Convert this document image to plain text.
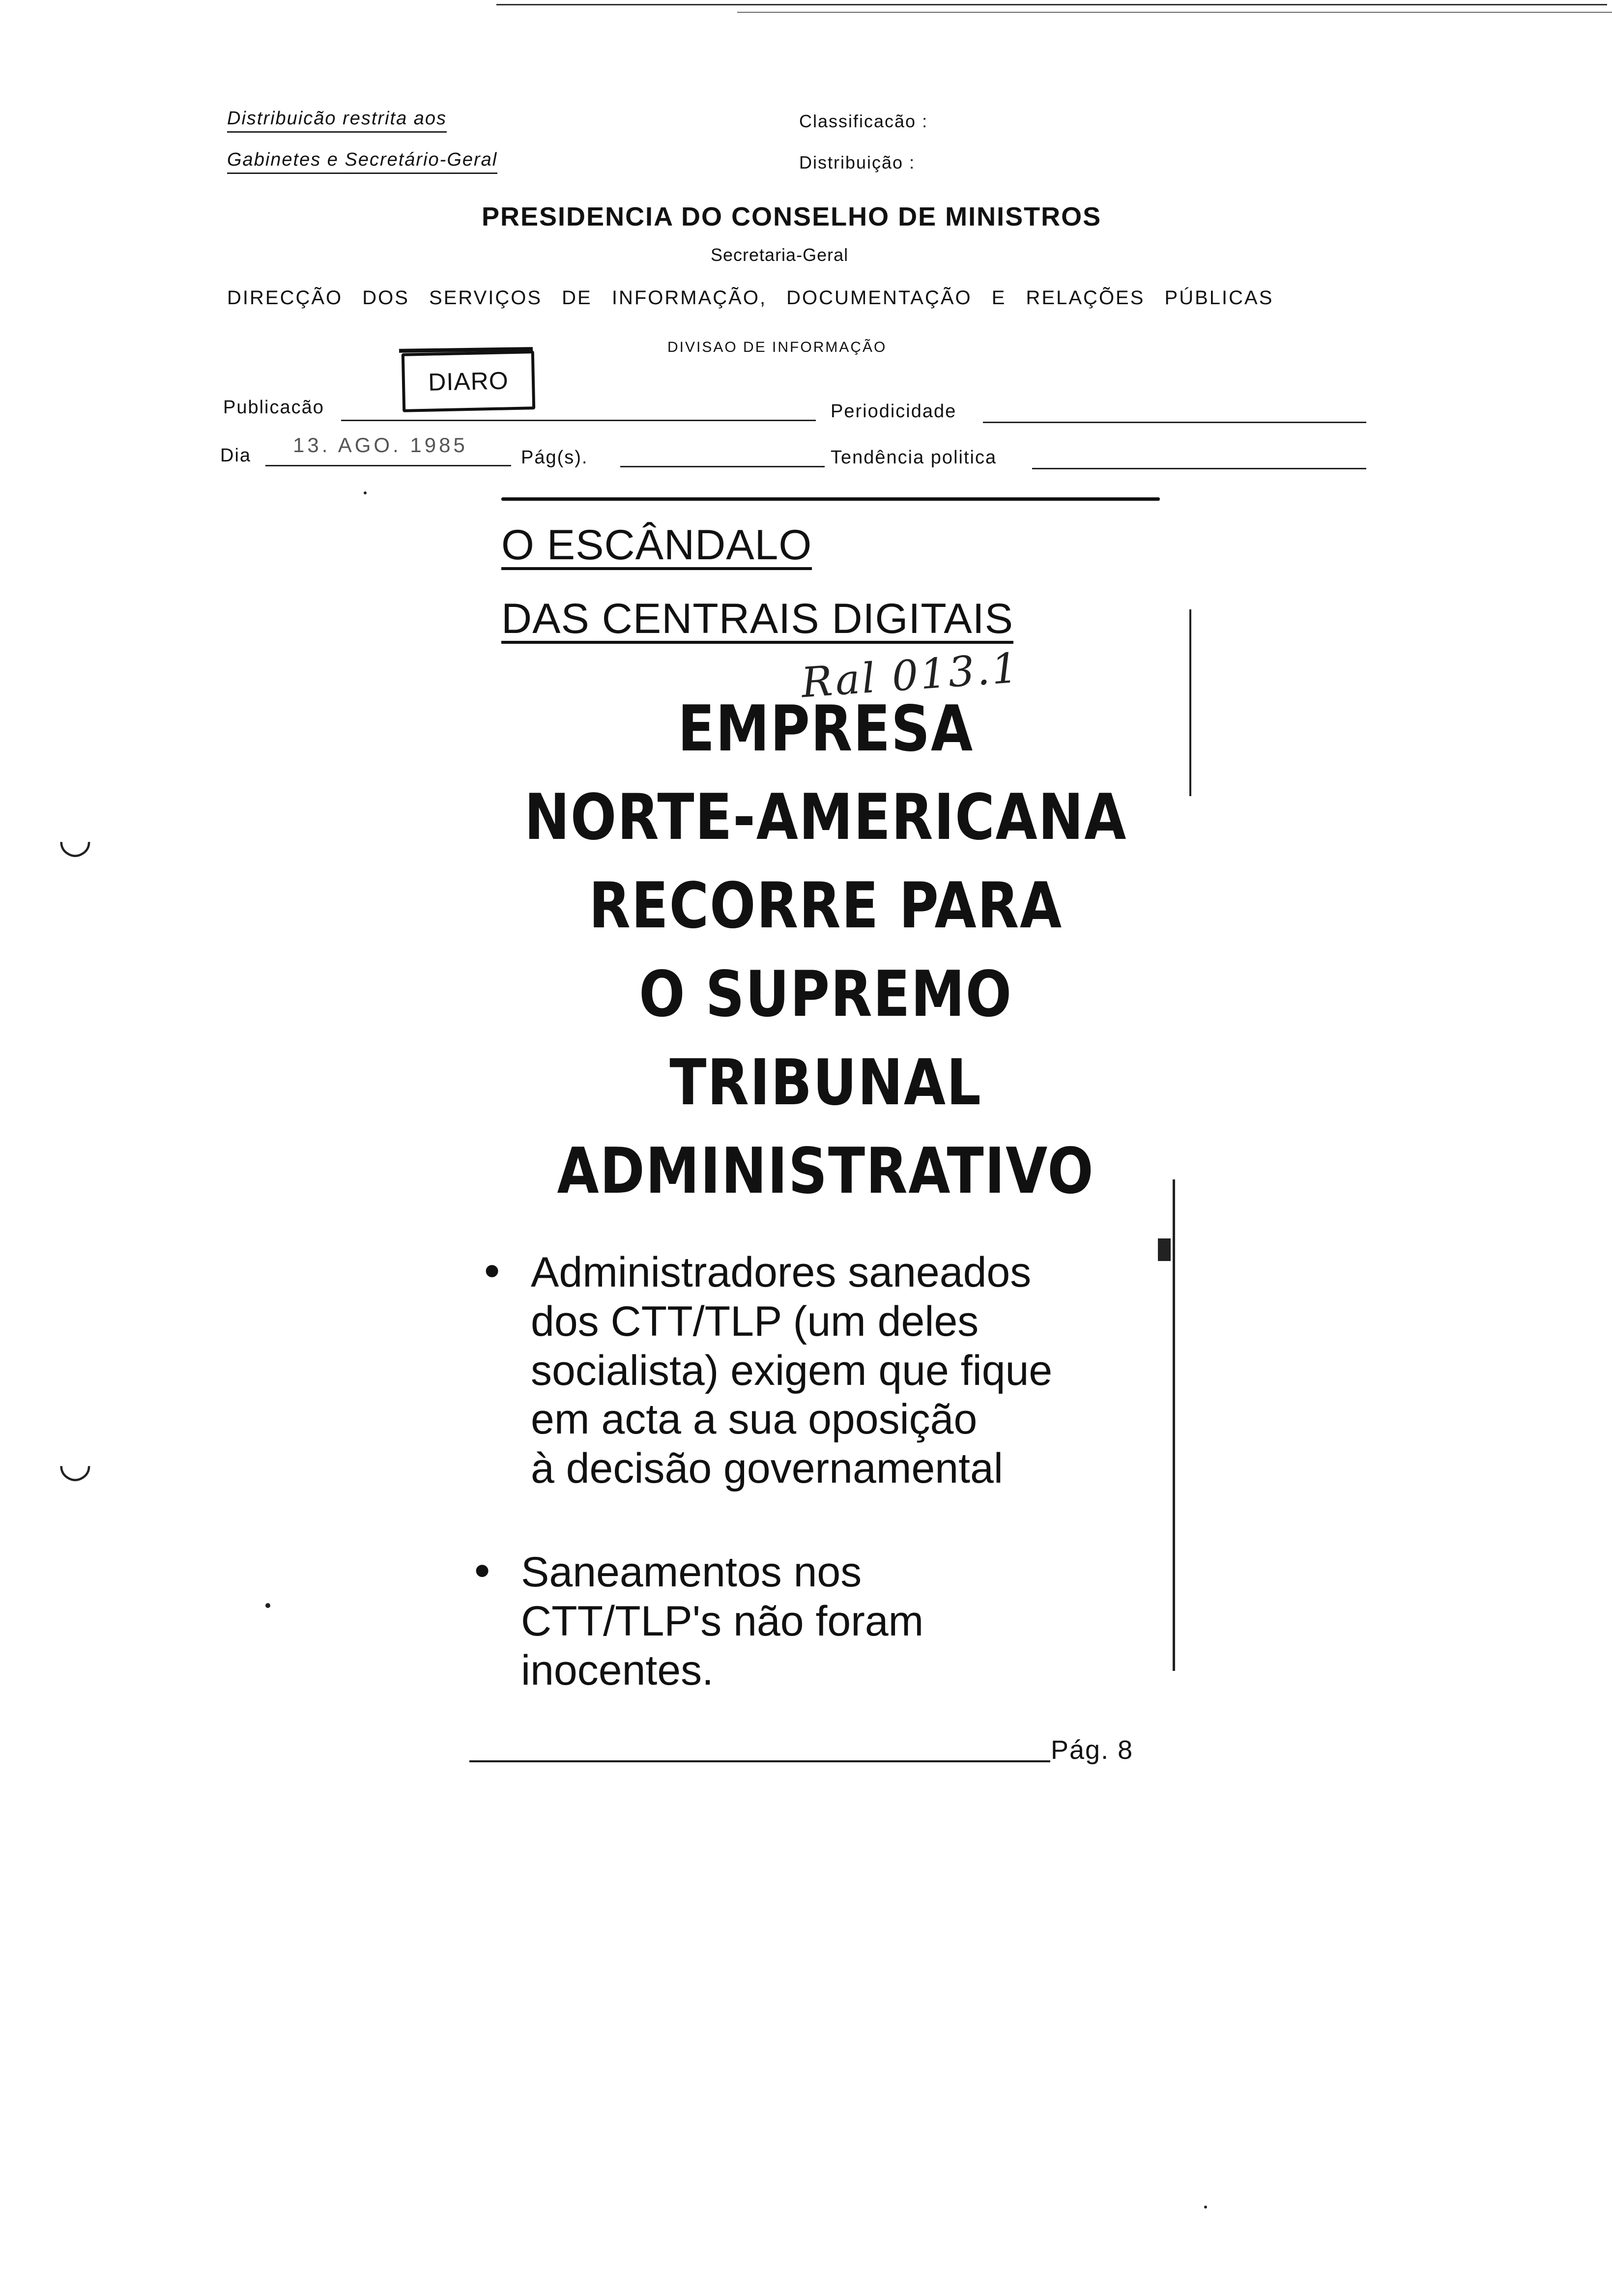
Distribuicão restrita aos
Gabinetes e Secretário-Geral
Classificacão :
Distribuição :
PRESIDENCIA DO CONSELHO DE MINISTROS
Secretaria-Geral
DIRECÇÃO DOS SERVIÇOS DE INFORMAÇÃO, DOCUMENTAÇÃO E RELAÇÕES PÚBLICAS
DIVISAO DE INFORMAÇÃO
DIARO
Publicacão	Periodicidade
Dia 13. AGO. 1985
Pág(s).	Tendência politica
O ESCÂNDALO
DAS CENTRAIS DIGITAIS
Ral 013.1
EMPRESA
NORTE-AMERICANA
RECORRE PARA
O SUPREMO
TRIBUNAL
ADMINISTRATIVO
• Administradores saneados
dos CTT/TLP (um deles
socialista) exigem que fique
em acta a sua oposição
à decisão governamental
• Saneamentos nos
CTT/TLP's não foram
inocentes.
Pág. 8
◡
◡
